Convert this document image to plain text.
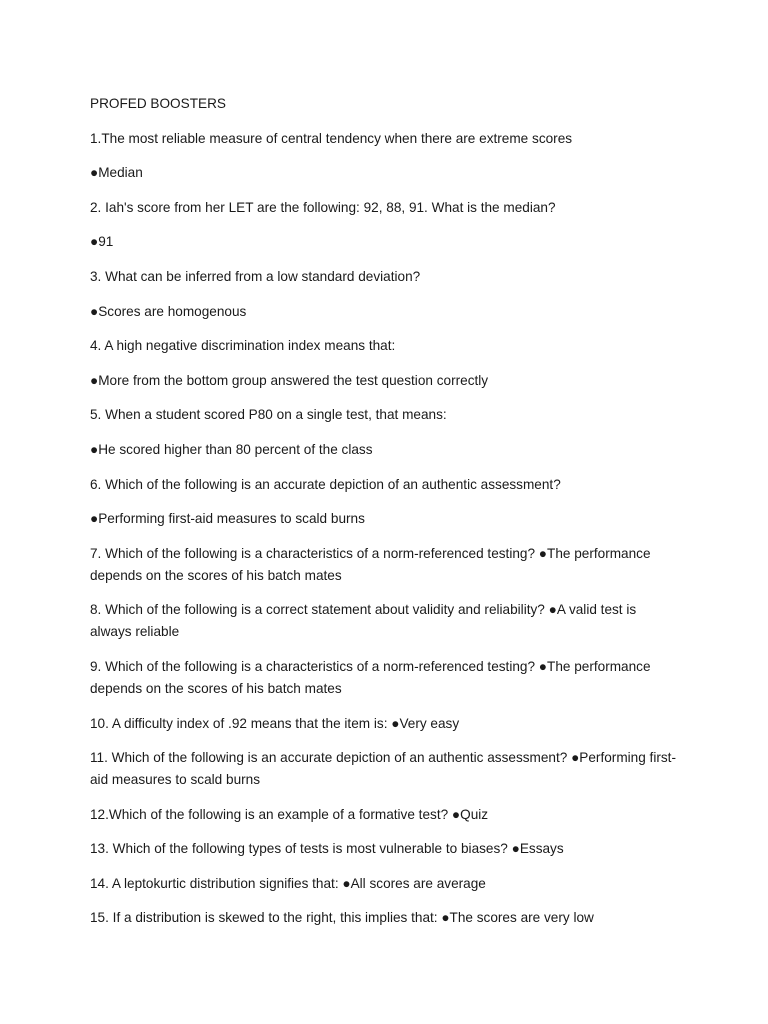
PROFED BOOSTERS

1.The most reliable measure of central tendency when there are extreme scores

●Median

2. Iah's score from her LET are the following: 92, 88, 91. What is the median?

●91

3. What can be inferred from a low standard deviation?

●Scores are homogenous

4. A high negative discrimination index means that:

●More from the bottom group answered the test question correctly

5. When a student scored P80 on a single test, that means:

●He scored higher than 80 percent of the class

6. Which of the following is an accurate depiction of an authentic assessment?

●Performing first-aid measures to scald burns

7. Which of the following is a characteristics of a norm-referenced testing? ●The performance depends on the scores of his batch mates

8. Which of the following is a correct statement about validity and reliability? ●A valid test is always reliable

9. Which of the following is a characteristics of a norm-referenced testing? ●The performance depends on the scores of his batch mates

10. A difficulty index of .92 means that the item is: ●Very easy

11. Which of the following is an accurate depiction of an authentic assessment? ●Performing first-aid measures to scald burns

12.Which of the following is an example of a formative test? ●Quiz

13. Which of the following types of tests is most vulnerable to biases? ●Essays

14. A leptokurtic distribution signifies that: ●All scores are average

15. If a distribution is skewed to the right, this implies that: ●The scores are very low
